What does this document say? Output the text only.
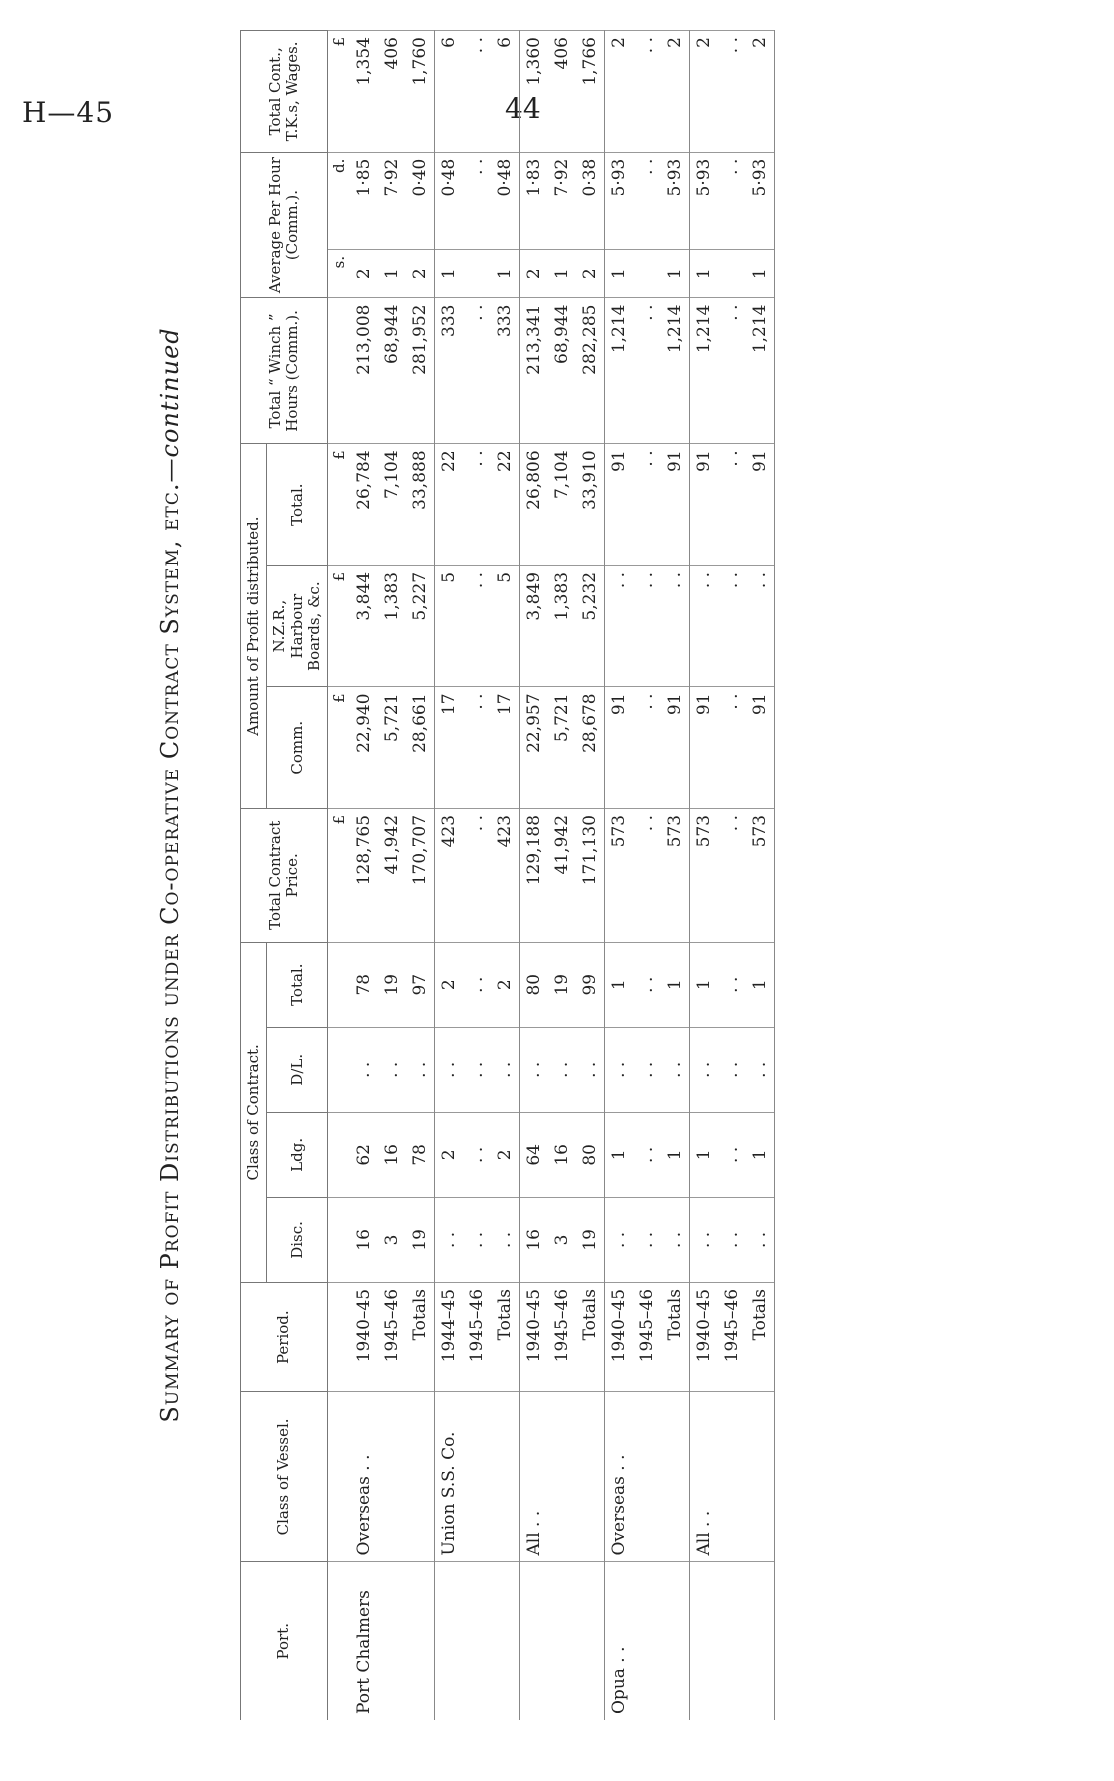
H—45	44
Summary of Profit Distributions under Co-operative Contract System, etc.—continued
Port.	Class of Vessel.	Period.	Class of Contract.				Total Contract Price.	Amount of Profit distributed.			Total “ Winch ” Hours (Comm.).	Average Per Hour (Comm.).		Total Cont., T.K.s, Wages.
			Disc.	Ldg.	D/L.	Total.		Comm.	N.Z.R., Harbour Boards, &c.	Total.				
							£	£	£	£		s.	d.	£
Port Chalmers	Overseas . .	1940–45	16	62	. .	78	128,765	22,940	3,844	26,784	213,008	2	1·85	1,354
		1945–46	3	16	. .	19	41,942	5,721	1,383	7,104	68,944	1	7·92	406
		Totals	19	78	. .	97	170,707	28,661	5,227	33,888	281,952	2	0·40	1,760
	Union S.S. Co.	1944–45	. .	2	. .	2	423	17	5	22	333	1	0·48	6
		1945–46	. .	. .	. .	. .	. .	. .	. .	. .	. .		. .	. .
		Totals	. .	2	. .	2	423	17	5	22	333	1	0·48	6
	All . .	1940–45	16	64	. .	80	129,188	22,957	3,849	26,806	213,341	2	1·83	1,360
		1945–46	3	16	. .	19	41,942	5,721	1,383	7,104	68,944	1	7·92	406
		Totals	19	80	. .	99	171,130	28,678	5,232	33,910	282,285	2	0·38	1,766
Opua . .	Overseas . .	1940–45	. .	1	. .	1	573	91	. .	91	1,214	1	5·93	2
		1945–46	. .	. .	. .	. .	. .	. .	. .	. .	. .		. .	. .
		Totals	. .	1	. .	1	573	91	. .	91	1,214	1	5·93	2
	All . .	1940–45	. .	1	. .	1	573	91	. .	91	1,214	1	5·93	2
		1945–46	. .	. .	. .	. .	. .	. .	. .	. .	. .		. .	. .
		Totals	. .	1	. .	1	573	91	. .	91	1,214	1	5·93	2
